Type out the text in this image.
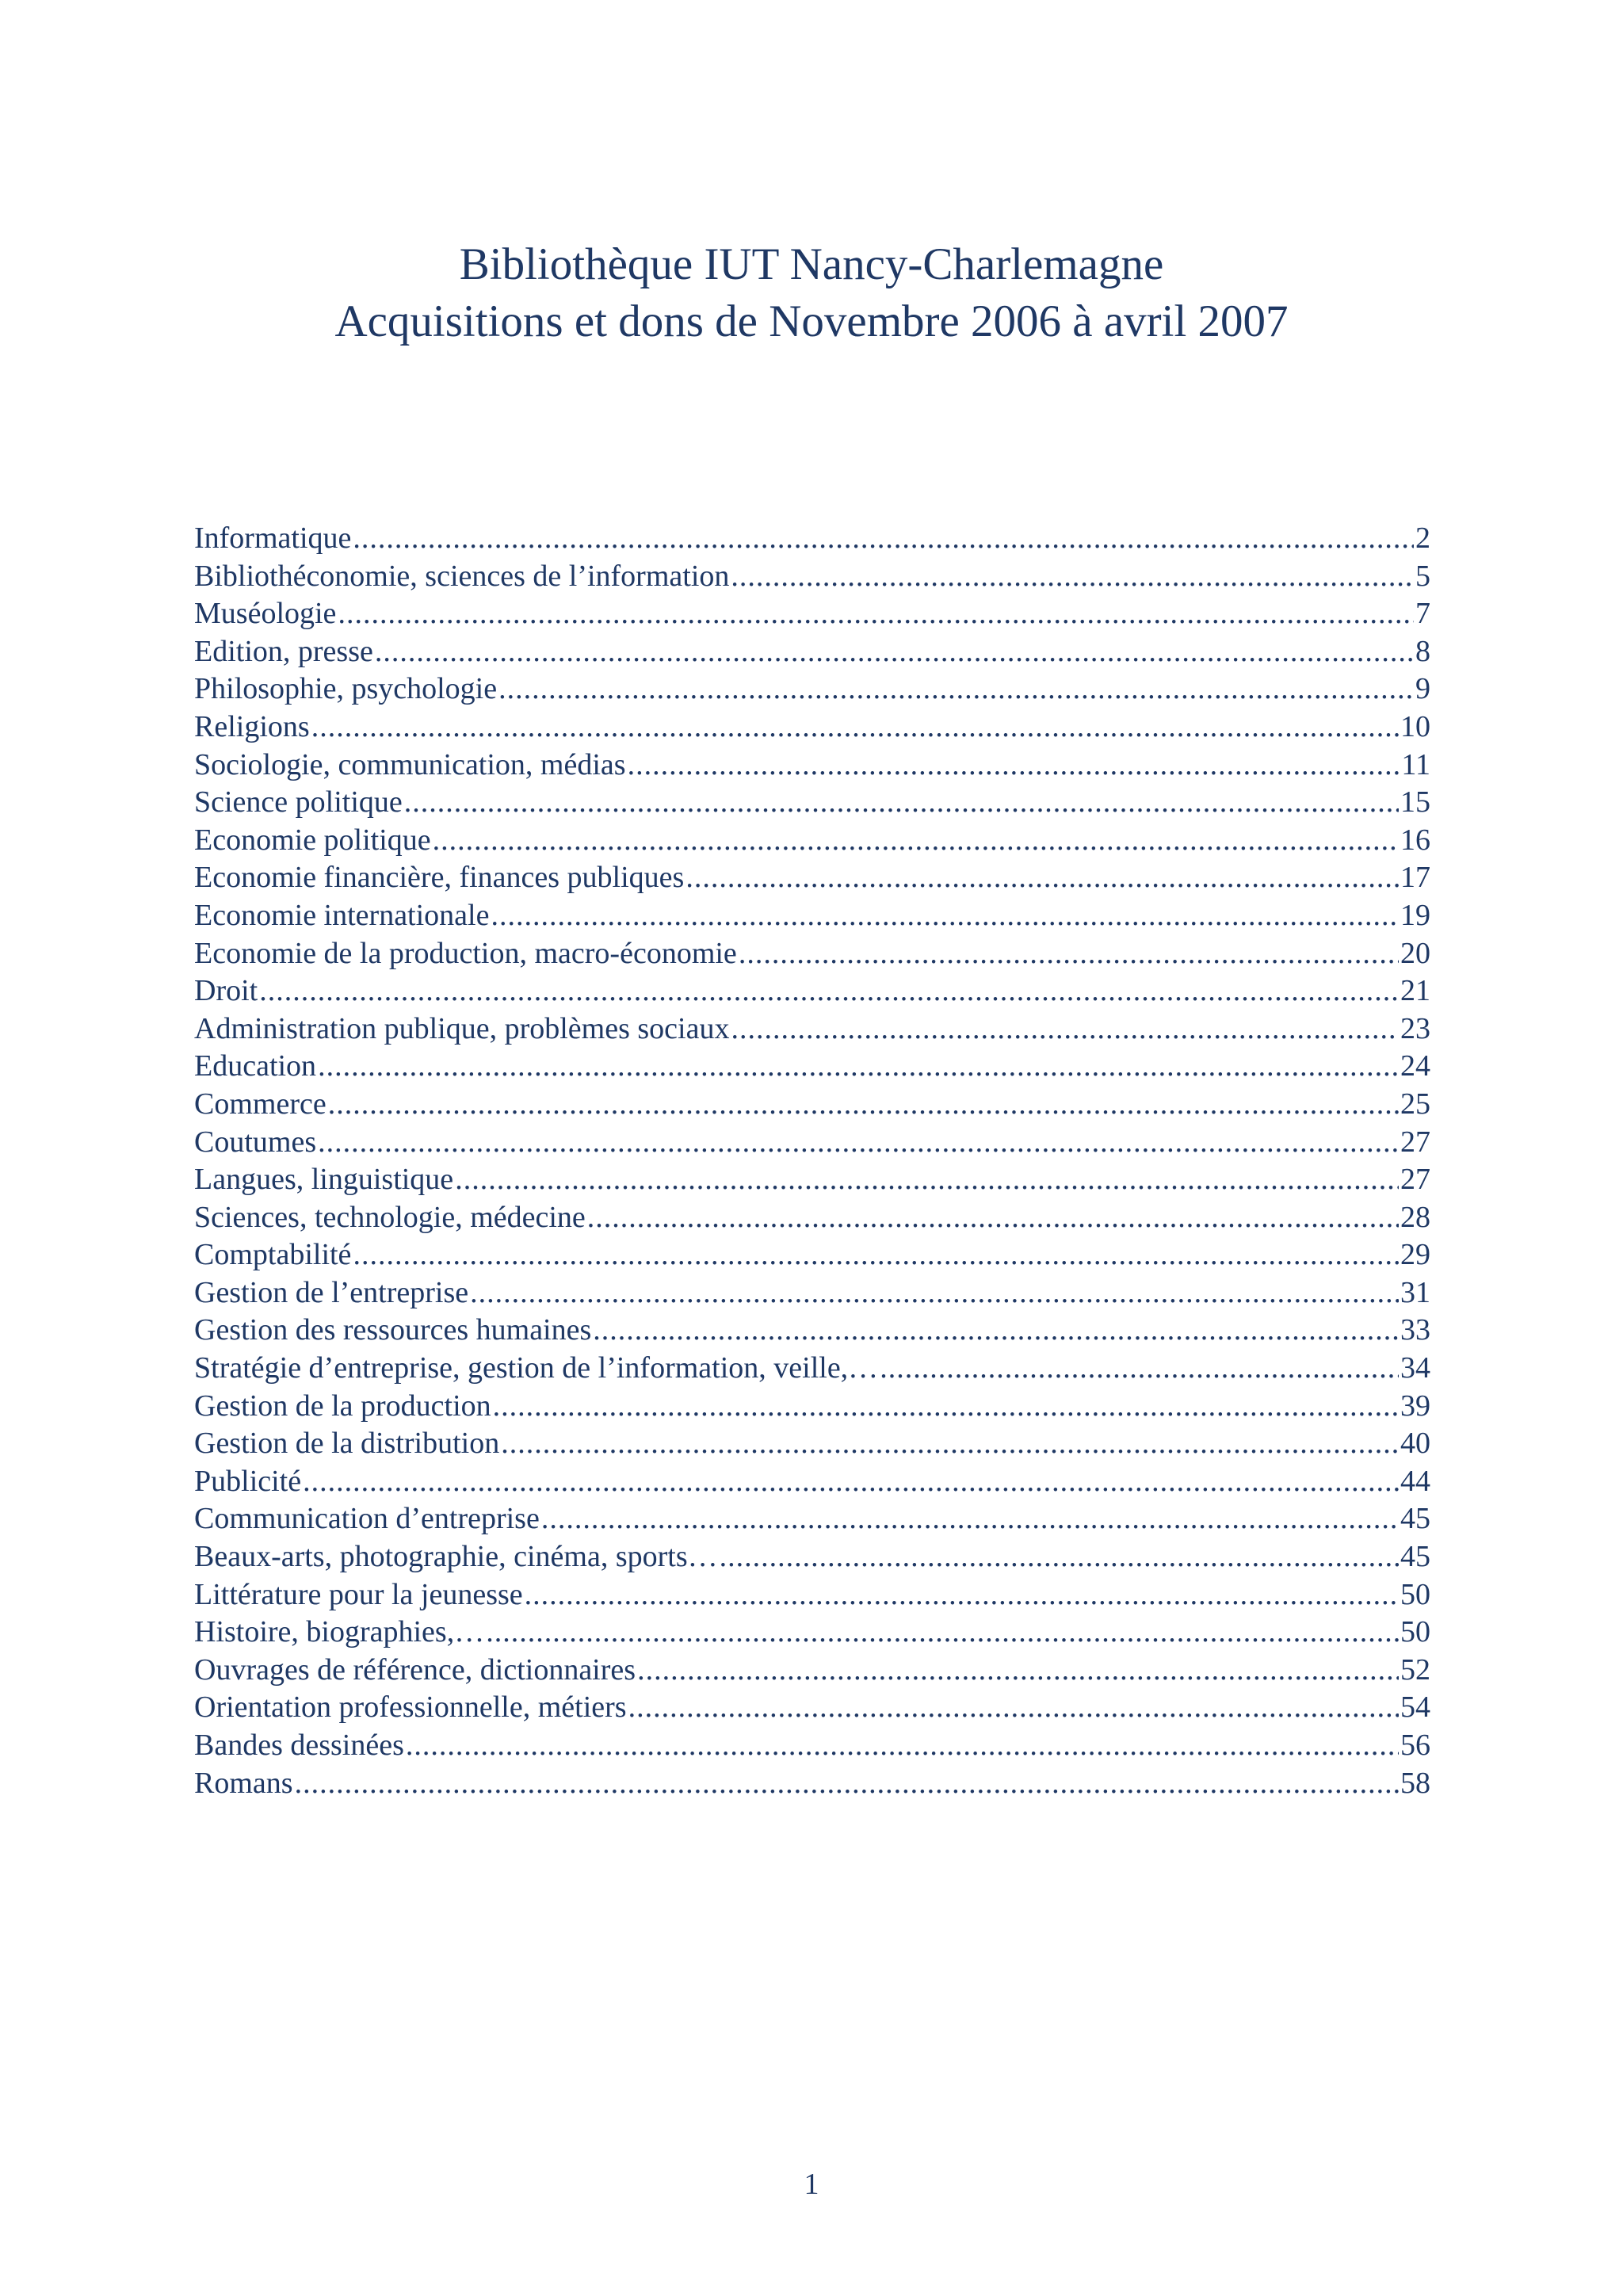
Bibliothèque IUT Nancy-Charlemagne
Acquisitions et dons de Novembre 2006 à avril 2007
Informatique .....	2
Bibliothéconomie, sciences de l’information .....	5
Muséologie .....	7
Edition, presse .....	8
Philosophie, psychologie .....	9
Religions .....	10
Sociologie, communication, médias .....	11
Science politique .....	15
Economie politique .....	16
Economie financière, finances publiques .....	17
Economie internationale .....	19
Economie de la production, macro-économie .....	20
Droit .....	21
Administration publique, problèmes sociaux .....	23
Education .....	24
Commerce .....	25
Coutumes .....	27
Langues, linguistique .....	27
Sciences, technologie, médecine .....	28
Comptabilité .....	29
Gestion de l’entreprise .....	31
Gestion des ressources humaines .....	33
Stratégie d’entreprise, gestion de l’information, veille,… .....	34
Gestion de la production .....	39
Gestion de la distribution .....	40
Publicité .....	44
Communication d’entreprise .....	45
Beaux-arts, photographie, cinéma, sports… .....	45
Littérature pour la jeunesse .....	50
Histoire, biographies,… .....	50
Ouvrages de référence, dictionnaires .....	52
Orientation professionnelle, métiers .....	54
Bandes dessinées .....	56
Romans .....	58
1
